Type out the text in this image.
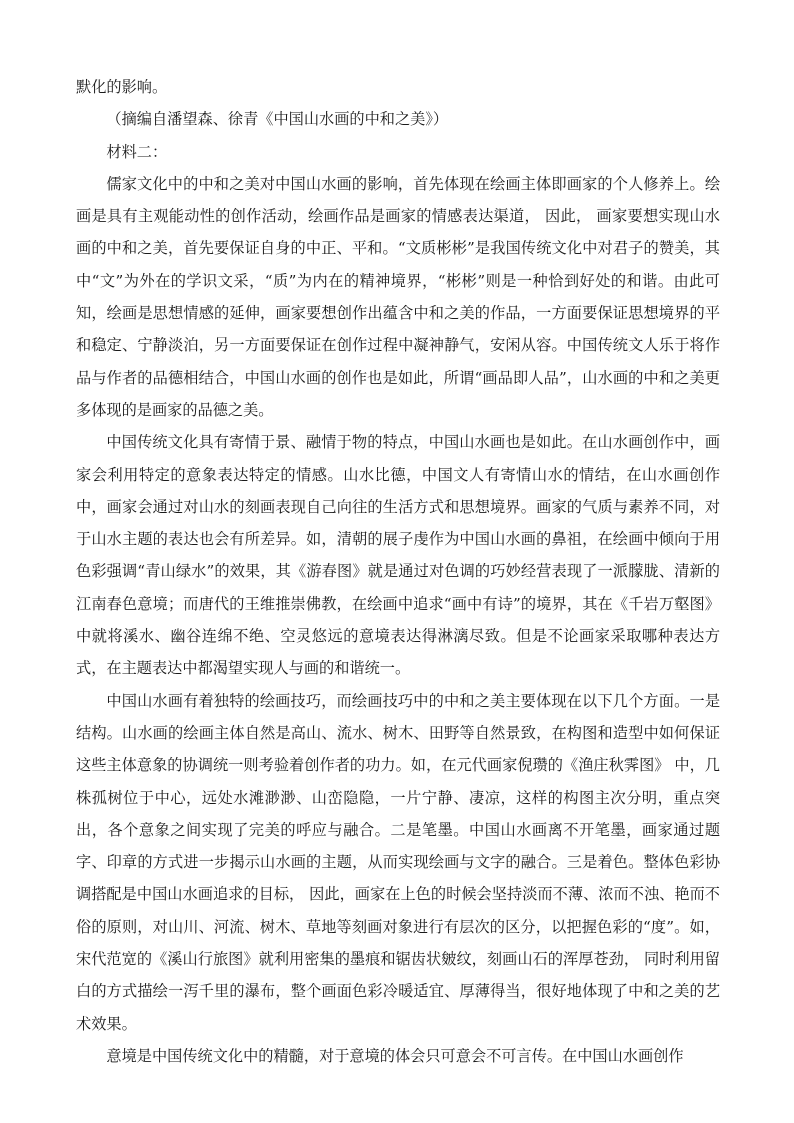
默化的影响。

（摘编自潘望森、徐青《中国山水画的中和之美》）

材料二：

儒家文化中的中和之美对中国山水画的影响，首先体现在绘画主体即画家的个人修养上。绘画是具有主观能动性的创作活动，绘画作品是画家的情感表达渠道， 因此， 画家要想实现山水画的中和之美，首先要保证自身的中正、平和。“文质彬彬”是我国传统文化中对君子的赞美，其中“文”为外在的学识文采，“质”为内在的精神境界，“彬彬”则是一种恰到好处的和谐。由此可知，绘画是思想情感的延伸，画家要想创作出蕴含中和之美的作品，一方面要保证思想境界的平和稳定、宁静淡泊，另一方面要保证在创作过程中凝神静气，安闲从容。中国传统文人乐于将作品与作者的品德相结合，中国山水画的创作也是如此，所谓“画品即人品”，山水画的中和之美更多体现的是画家的品德之美。

中国传统文化具有寄情于景、融情于物的特点，中国山水画也是如此。在山水画创作中，画家会利用特定的意象表达特定的情感。山水比德，中国文人有寄情山水的情结，在山水画创作中，画家会通过对山水的刻画表现自己向往的生活方式和思想境界。画家的气质与素养不同，对于山水主题的表达也会有所差异。如，清朝的展子虔作为中国山水画的鼻祖，在绘画中倾向于用色彩强调“青山绿水”的效果，其《游春图》就是通过对色调的巧妙经营表现了一派朦胧、清新的江南春色意境；而唐代的王维推崇佛教，在绘画中追求“画中有诗”的境界，其在《千岩万壑图》中就将溪水、幽谷连绵不绝、空灵悠远的意境表达得淋漓尽致。但是不论画家采取哪种表达方式，在主题表达中都渴望实现人与画的和谐统一。

中国山水画有着独特的绘画技巧，而绘画技巧中的中和之美主要体现在以下几个方面。一是结构。山水画的绘画主体自然是高山、流水、树木、田野等自然景致，在构图和造型中如何保证这些主体意象的协调统一则考验着创作者的功力。如，在元代画家倪瓒的《渔庄秋霁图》 中，几株孤树位于中心，远处水滩渺渺、山峦隐隐，一片宁静、凄凉，这样的构图主次分明，重点突出，各个意象之间实现了完美的呼应与融合。二是笔墨。中国山水画离不开笔墨，画家通过题字、印章的方式进一步揭示山水画的主题，从而实现绘画与文字的融合。三是着色。整体色彩协调搭配是中国山水画追求的目标， 因此，画家在上色的时候会坚持淡而不薄、浓而不浊、艳而不俗的原则，对山川、河流、树木、草地等刻画对象进行有层次的区分，以把握色彩的“度”。如，宋代范宽的《溪山行旅图》就利用密集的墨痕和锯齿状皴纹，刻画山石的浑厚苍劲， 同时利用留白的方式描绘一泻千里的瀑布，整个画面色彩冷暖适宜、厚薄得当，很好地体现了中和之美的艺术效果。

意境是中国传统文化中的精髓，对于意境的体会只可意会不可言传。在中国山水画创作
